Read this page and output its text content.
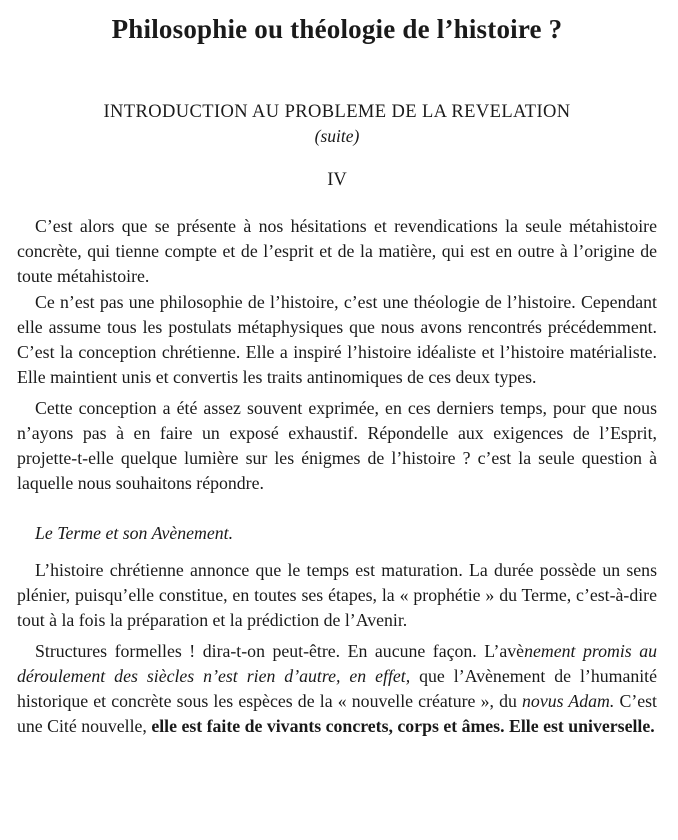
Philosophie ou théologie de l’histoire ?
INTRODUCTION AU PROBLEME DE LA REVELATION
(suite)
IV

C’est alors que se présente à nos hésitations et revendications la seule métahistoire concrète, qui tienne compte et de l’esprit et de la matière, qui est en outre à l’origine de toute métahistoire.

Ce n’est pas une philosophie de l’histoire, c’est une théologie de l’histoire. Cependant elle assume tous les postulats métaphysiques que nous avons rencontrés précédemment. C’est la conception chrétienne. Elle a inspiré l’histoire idéaliste et l’histoire matérialiste. Elle maintient unis et convertis les traits antinomiques de ces deux types.

Cette conception a été assez souvent exprimée, en ces derniers temps, pour que nous n’ayons pas à en faire un exposé exhaustif. Répondelle aux exigences de l’Esprit, projette-t-elle quelque lumière sur les énigmes de l’histoire ? c’est la seule question à laquelle nous souhaitons répondre.

Le Terme et son Avènement.

L’histoire chrétienne annonce que le temps est maturation. La durée possède un sens plénier, puisqu’elle constitue, en toutes ses étapes, la « prophétie » du Terme, c’est-à-dire tout à la fois la préparation et la prédiction de l’Avenir.

Structures formelles ! dira-t-on peut-être. En aucune façon. L’avènement promis au déroulement des siècles n’est rien d’autre, en effet, que l’Avènement de l’humanité historique et concrète sous les espèces de la « nouvelle créature », du novus Adam. C’est une Cité nouvelle, elle est faite de vivants concrets, corps et âmes. Elle est universelle.
